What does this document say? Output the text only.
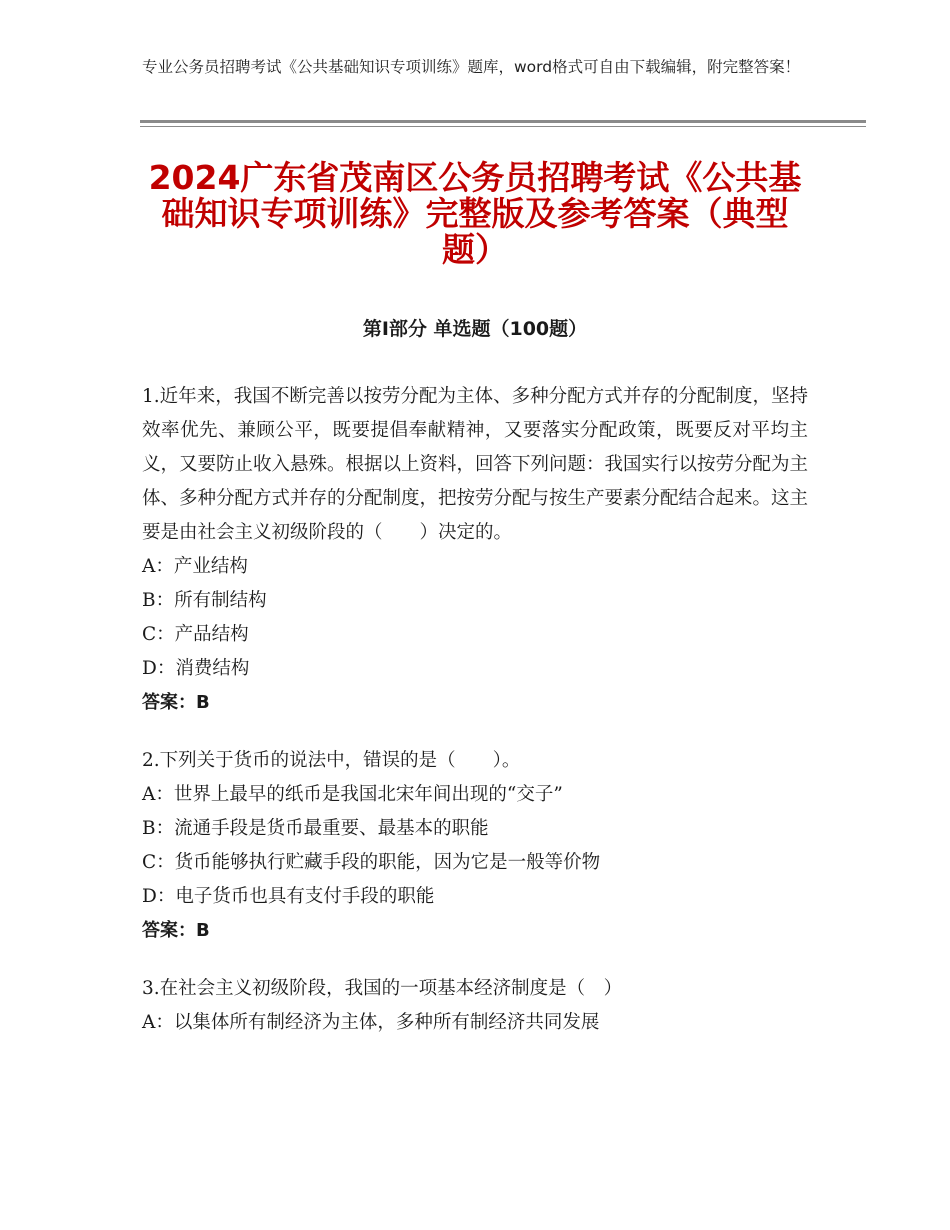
专业公务员招聘考试《公共基础知识专项训练》题库，word格式可自由下载编辑，附完整答案！
2024广东省茂南区公务员招聘考试《公共基础知识专项训练》完整版及参考答案（典型题）
第I部分 单选题（100题）

1.近年来，我国不断完善以按劳分配为主体、多种分配方式并存的分配制度，坚持效率优先、兼顾公平，既要提倡奉献精神，又要落实分配政策，既要反对平均主义，又要防止收入悬殊。根据以上资料，回答下列问题：我国实行以按劳分配为主体、多种分配方式并存的分配制度，把按劳分配与按生产要素分配结合起来。这主要是由社会主义初级阶段的（　　）决定的。

A：产业结构

B：所有制结构

C：产品结构

D：消费结构

答案：B

2.下列关于货币的说法中，错误的是（　　）。

A：世界上最早的纸币是我国北宋年间出现的“交子”

B：流通手段是货币最重要、最基本的职能

C：货币能够执行贮藏手段的职能，因为它是一般等价物

D：电子货币也具有支付手段的职能

答案：B

3.在社会主义初级阶段，我国的一项基本经济制度是（　）

A：以集体所有制经济为主体，多种所有制经济共同发展
